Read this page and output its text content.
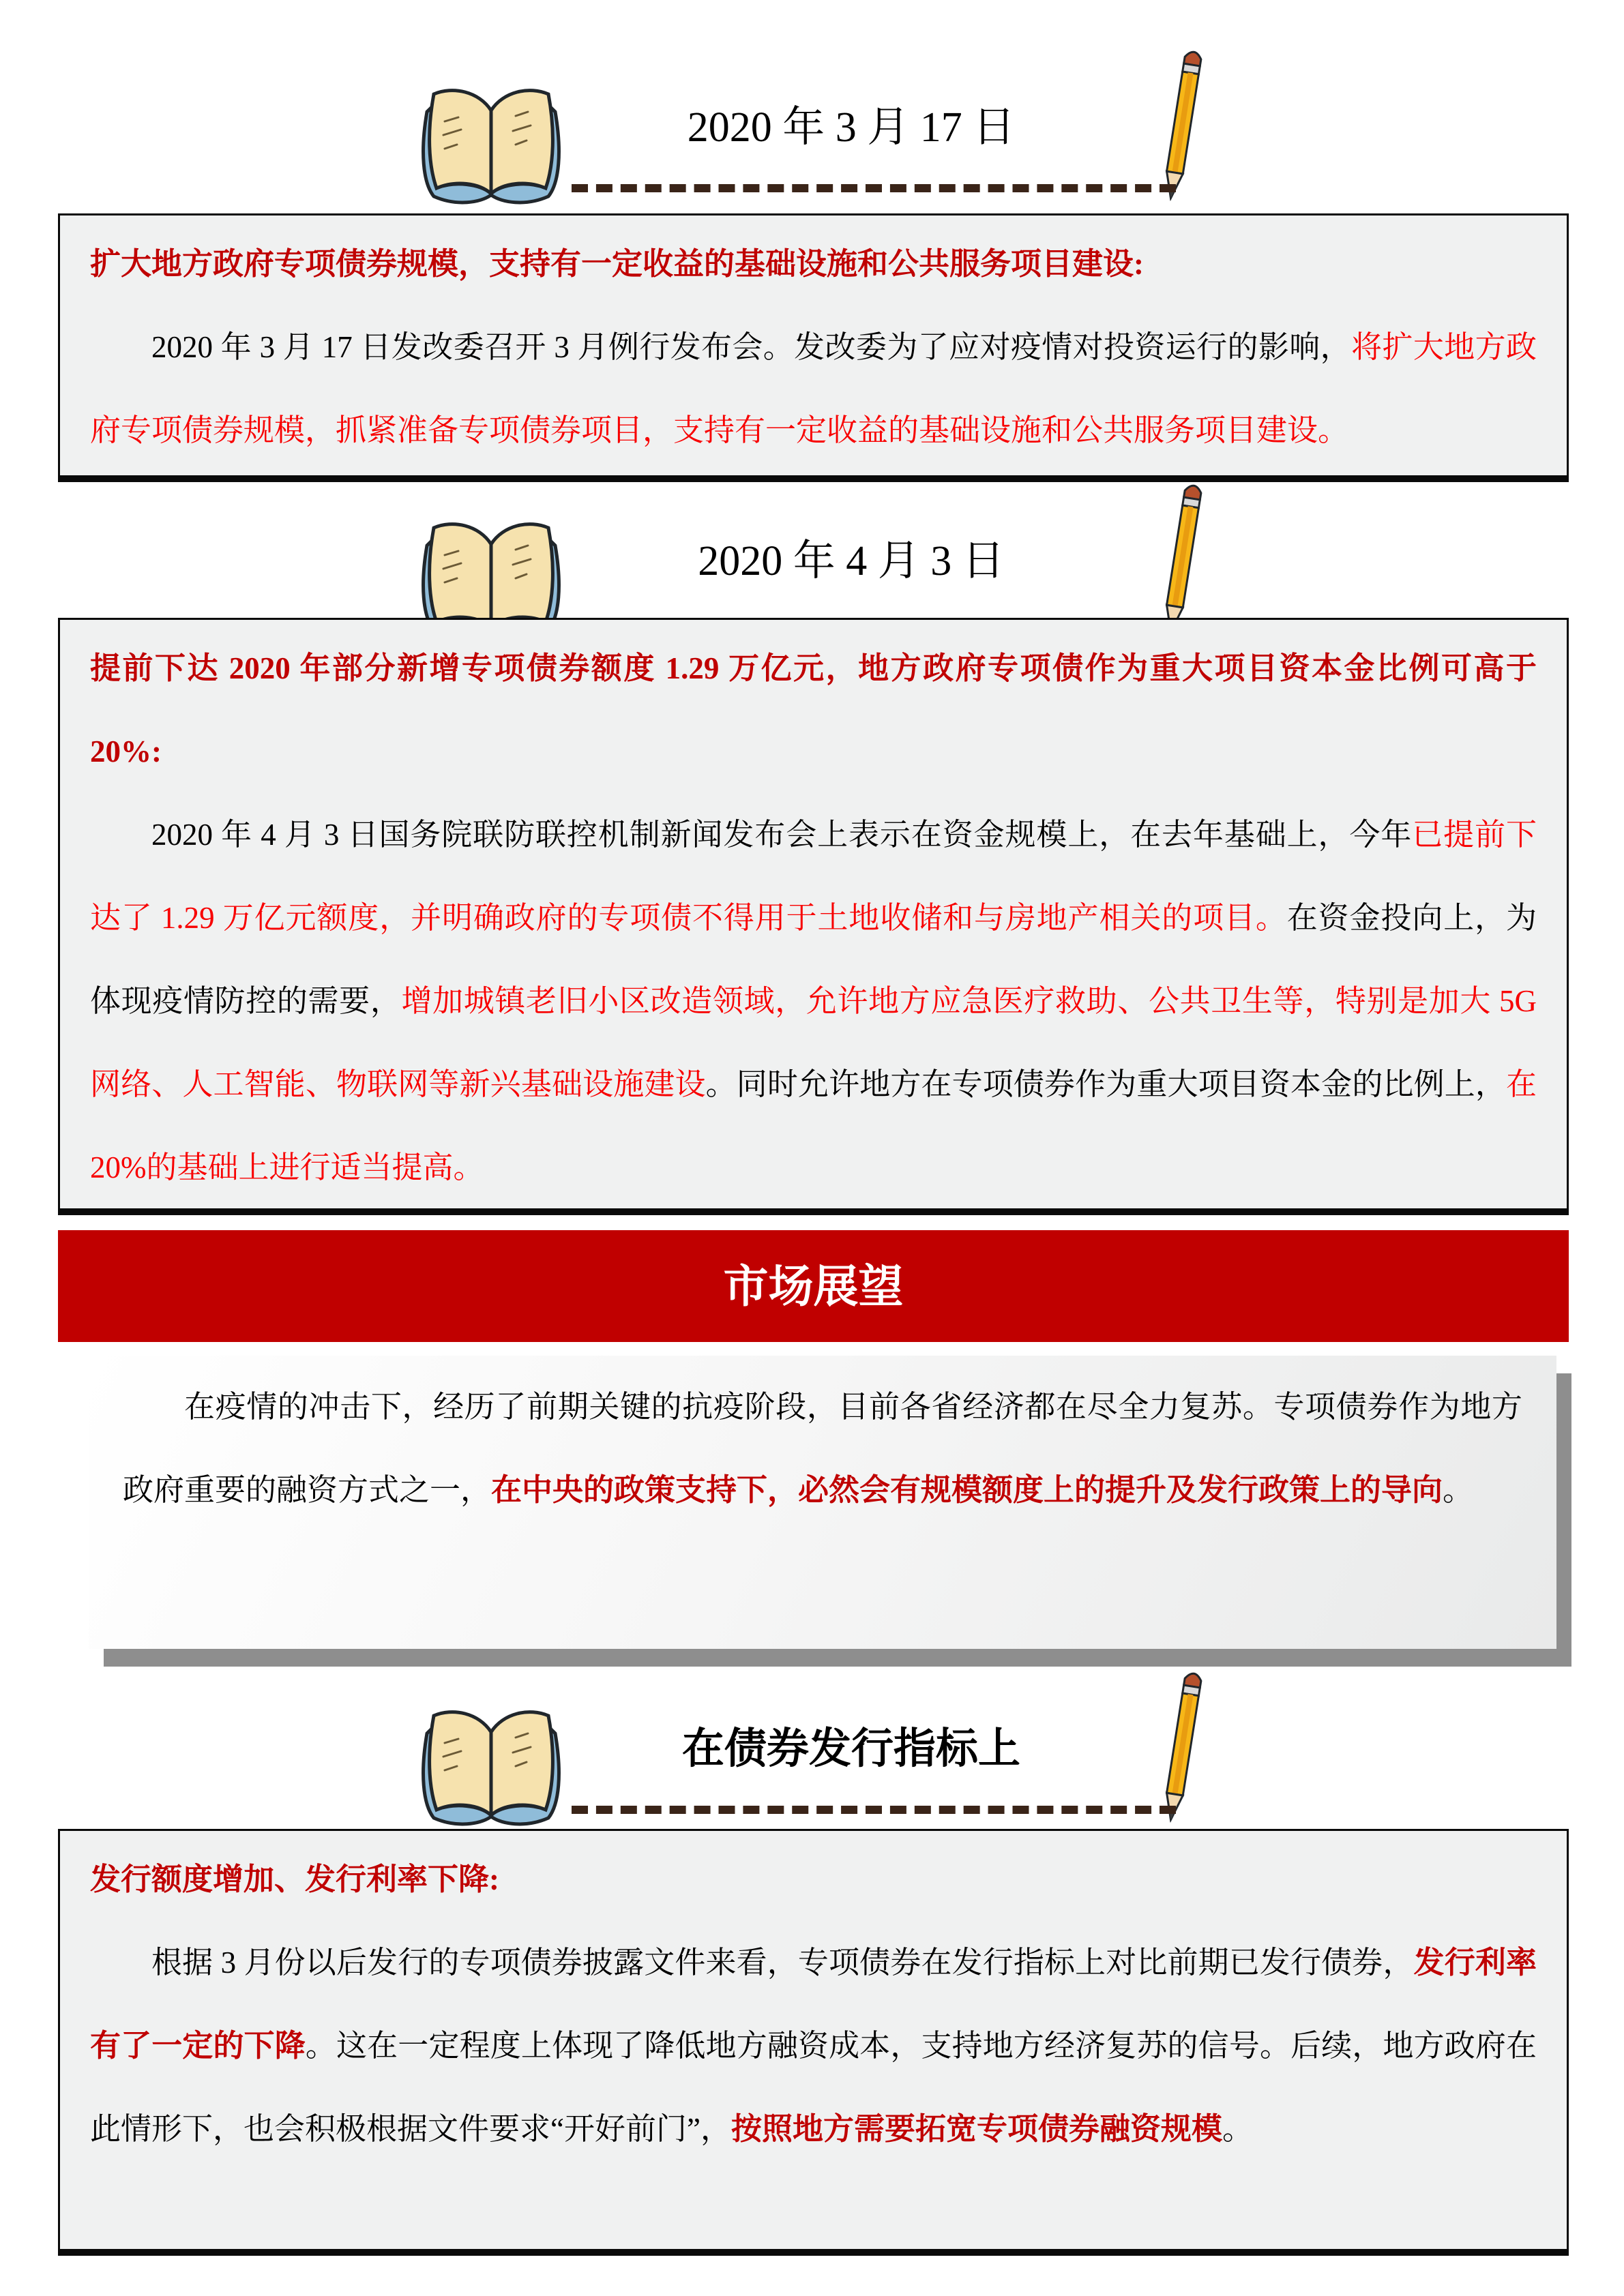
2020 年 3 月 17 日

扩大地方政府专项债券规模，支持有一定收益的基础设施和公共服务项目建设:

2020 年 3 月 17 日发改委召开 3 月例行发布会。发改委为了应对疫情对投资运行的影响，将扩大地方政府专项债券规模，抓紧准备专项债券项目，支持有一定收益的基础设施和公共服务项目建设。

2020 年 4 月 3 日

提前下达 2020 年部分新增专项债券额度 1.29 万亿元，地方政府专项债作为重大项目资本金比例可高于 20%:

2020 年 4 月 3 日国务院联防联控机制新闻发布会上表示在资金规模上，在去年基础上，今年已提前下达了 1.29 万亿元额度，并明确政府的专项债不得用于土地收储和与房地产相关的项目。在资金投向上，为体现疫情防控的需要，增加城镇老旧小区改造领域，允许地方应急医疗救助、公共卫生等，特别是加大 5G 网络、人工智能、物联网等新兴基础设施建设。同时允许地方在专项债券作为重大项目资本金的比例上，在 20%的基础上进行适当提高。

市场展望

在疫情的冲击下，经历了前期关键的抗疫阶段，目前各省经济都在尽全力复苏。专项债券作为地方政府重要的融资方式之一，在中央的政策支持下，必然会有规模额度上的提升及发行政策上的导向。

在债券发行指标上

发行额度增加、发行利率下降:

根据 3 月份以后发行的专项债券披露文件来看，专项债券在发行指标上对比前期已发行债券，发行利率有了一定的下降。这在一定程度上体现了降低地方融资成本，支持地方经济复苏的信号。后续，地方政府在此情形下，也会积极根据文件要求“开好前门”，按照地方需要拓宽专项债券融资规模。
